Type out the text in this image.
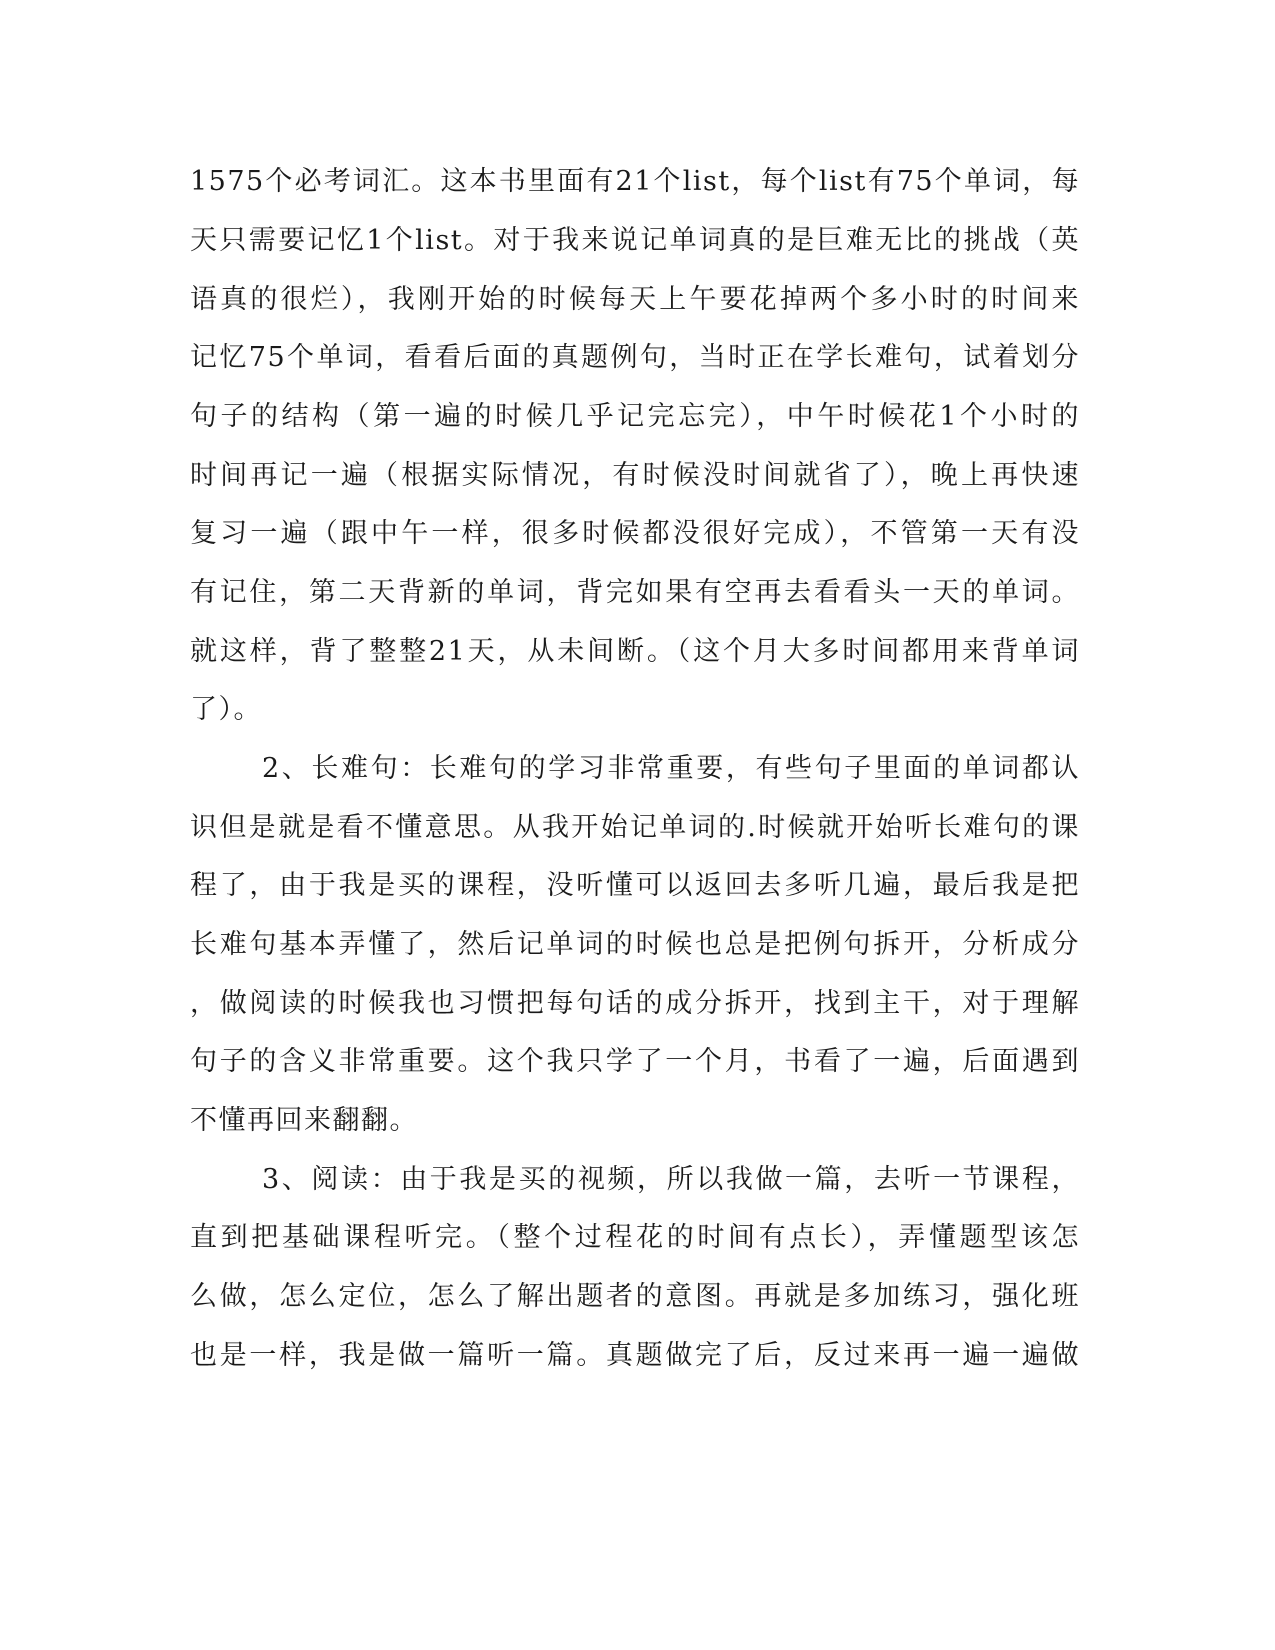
1575个必考词汇。这本书里面有21个list，每个list有75个单词，每

天只需要记忆1个list。对于我来说记单词真的是巨难无比的挑战（英

语真的很烂），我刚开始的时候每天上午要花掉两个多小时的时间来

记忆75个单词，看看后面的真题例句，当时正在学长难句，试着划分

句子的结构（第一遍的时候几乎记完忘完），中午时候花1个小时的

时间再记一遍（根据实际情况，有时候没时间就省了），晚上再快速

复习一遍（跟中午一样，很多时候都没很好完成），不管第一天有没

有记住，第二天背新的单词，背完如果有空再去看看头一天的单词。

就这样，背了整整21天，从未间断。（这个月大多时间都用来背单词

了）。

2、长难句：长难句的学习非常重要，有些句子里面的单词都认

识但是就是看不懂意思。从我开始记单词的.时候就开始听长难句的课

程了，由于我是买的课程，没听懂可以返回去多听几遍，最后我是把

长难句基本弄懂了，然后记单词的时候也总是把例句拆开，分析成分

，做阅读的时候我也习惯把每句话的成分拆开，找到主干，对于理解

句子的含义非常重要。这个我只学了一个月，书看了一遍，后面遇到

不懂再回来翻翻。

3、阅读：由于我是买的视频，所以我做一篇，去听一节课程，

直到把基础课程听完。（整个过程花的时间有点长），弄懂题型该怎

么做，怎么定位，怎么了解出题者的意图。再就是多加练习，强化班

也是一样，我是做一篇听一篇。真题做完了后，反过来再一遍一遍做
